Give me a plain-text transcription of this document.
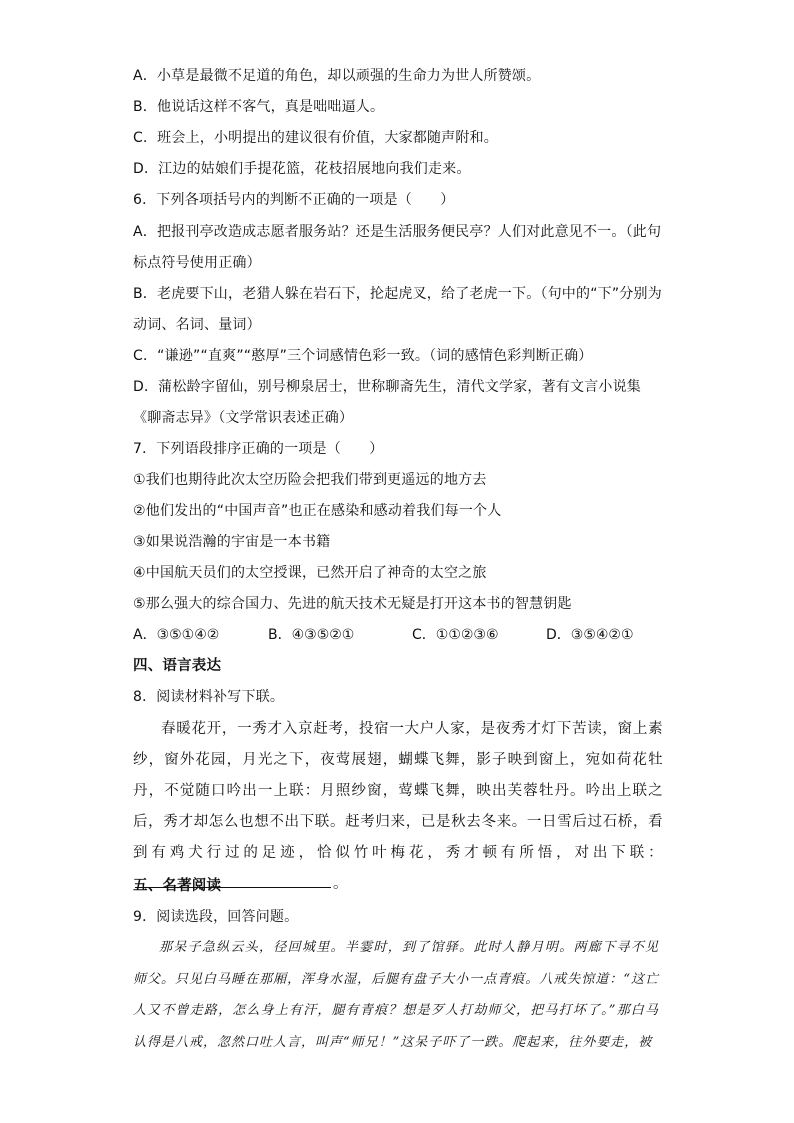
A．小草是最微不足道的角色，却以顽强的生命力为世人所赞颂。
B．他说话这样不客气，真是咄咄逼人。
C．班会上，小明提出的建议很有价值，大家都随声附和。
D．江边的姑娘们手提花篮，花枝招展地向我们走来。
6．下列各项括号内的判断不正确的一项是（　　）
A．把报刊亭改造成志愿者服务站？还是生活服务便民亭？人们对此意见不一。（此句
标点符号使用正确）
B．老虎要下山，老猎人躲在岩石下，抡起虎叉，给了老虎一下。（句中的“下”分别为
动词、名词、量词）
C．“谦逊”“直爽”“憨厚”三个词感情色彩一致。（词的感情色彩判断正确）
D．蒲松龄字留仙，别号柳泉居士，世称聊斋先生，清代文学家，著有文言小说集
《聊斋志异》（文学常识表述正确）
7．下列语段排序正确的一项是（　　）
①我们也期待此次太空历险会把我们带到更遥远的地方去
②他们发出的“中国声音”也正在感染和感动着我们每一个人
③如果说浩瀚的宇宙是一本书籍
④中国航天员们的太空授课，已然开启了神奇的太空之旅
⑤那么强大的综合国力、先进的航天技术无疑是打开这本书的智慧钥匙
A．③⑤①④②	B．④③⑤②①	C．①①②③⑥	D．③⑤④②①
四、语言表达
8．阅读材料补写下联。
春暖花开，一秀才入京赶考，投宿一大户人家，是夜秀才灯下苦读，窗上素纱，窗外花园，月光之下，夜莺展翅，蝴蝶飞舞，影子映到窗上，宛如荷花牡丹，不觉随口吟出一上联：月照纱窗，莺蝶飞舞，映出芙蓉牡丹。吟出上联之后，秀才却怎么也想不出下联。赶考归来，已是秋去冬来。一日雪后过石桥，看到有鸡犬行过的足迹，恰似竹叶梅花，秀才顿有所悟，对出下联：。
五、名著阅读
9．阅读选段，回答问题。
那呆子急纵云头，径回城里。半霎时，到了馆驿。此时人静月明。两廊下寻不见师父。只见白马睡在那厢，浑身水湿，后腿有盘子大小一点青痕。八戒失惊道：“这亡人又不曾走路，怎么身上有汗，腿有青痕？想是歹人打劫师父，把马打坏了。”那白马认得是八戒，忽然口吐人言，叫声“师兄！”这呆子吓了一跌。爬起来，往外要走，被
